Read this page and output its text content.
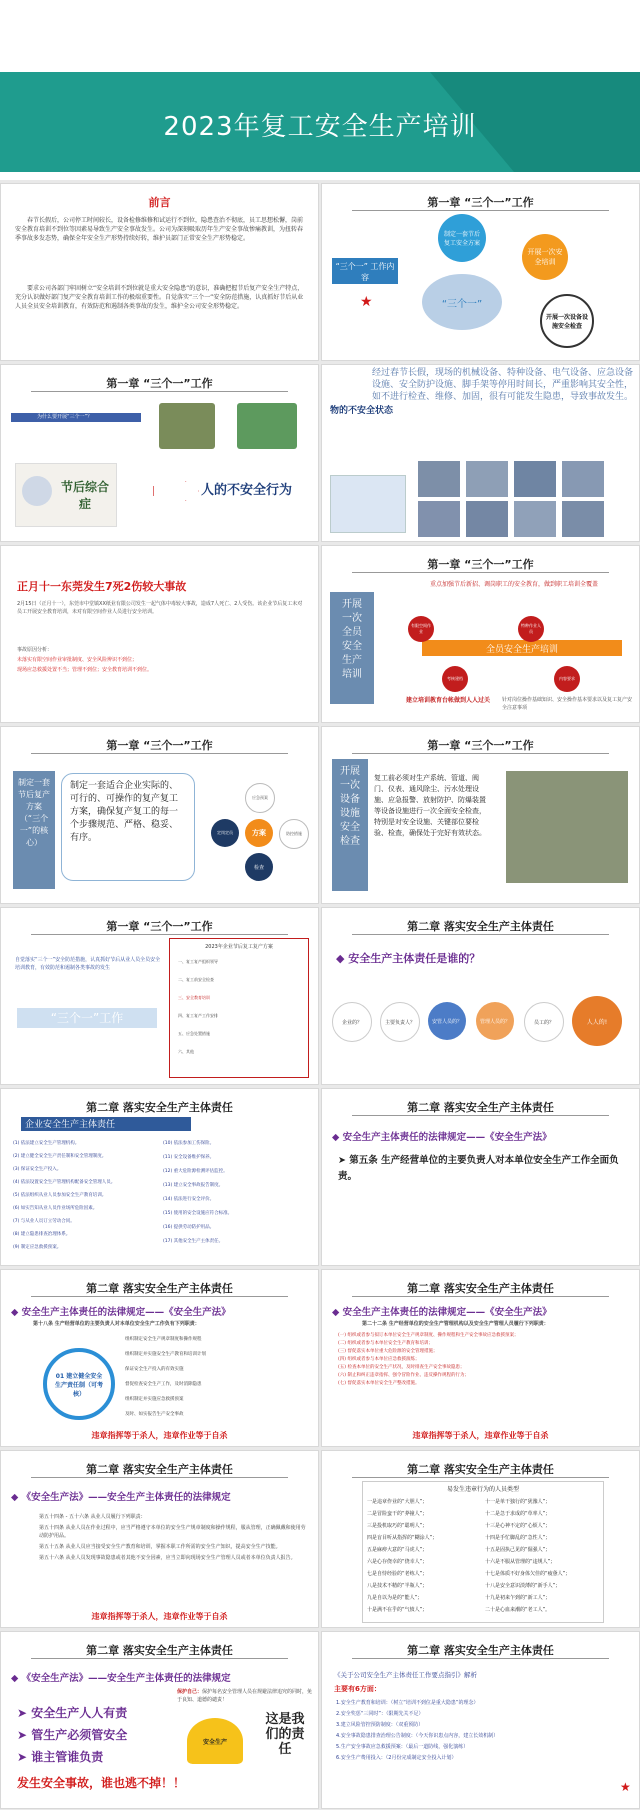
2023年复工安全生产培训
前言
春节长假后，公司停工时间较长，设备检修维修和试运行不到位，隐患查治不彻底，员工思想松懈，岗前安全教育培训不到位等因素易导致生产安全事故发生。公司为深刻吸取历年生产安全事故惨痛教训，为扭转春季事故多发态势，确保全年安全生产形势持续好转，维护员部门正常安全生产形势稳定。
要求公司各部门牢固树立“安全培训不到位就是重大安全隐患”的意识，准确把握节后复产安全生产特点，充分认识做好部门复产安全教育培训工作的极端重要性。自觉落实“三个一”安全防范措施，认真抓好节后从业人员全员安全培训教育，有效防范和遏制各类事故的发生，维护全公司安全形势稳定。
第一章 “三个一”工作
“三个一” 工作内容
★	“三个一”
制定一套节后复工安全方案
开展一次安全培训
开展一次设备设施安全检查
第一章 “三个一”工作
为什么要开展“三个一”？
节后综合症
人的不安全行为
经过春节长假，现场的机械设备、特种设备、电气设备、应急设备设施、安全防护设施、脚手架等停用时间长，严重影响其安全性，如不进行检查、维修、加固，很有可能发生隐患，导致事故发生。
物的不安全状态
正月十一东莞发生7死2伤较大事故
2月15日（正月十一），东莞市中堂镇XX纸业有限公司发生一起气体中毒较大事故，造成7人死亡、2人受伤。该企业节后复工未对员工开展安全教育培训，未对有限空间作业人员进行安全培训。
事故原因分析：
未落实有限空间作业审批制度、安全风险辨识不到位；
现场应急救援处置不当；管理不到位；安全教育培训不到位。
第一章 “三个一”工作
开展一次全员安全生产培训
重点加强节后新招、调岗职工的安全教育，做到职工培训全覆盖
全员安全生产培训
有限空间作业
特种作业人员
考核建档	内容要求
建立培训教育台帐做到人人过关	针对岗位操作基础知识、安全操作基本要求以及复工复产安全注意事项
第一章 “三个一”工作
制定一套节后复产方案（“三个一”的核心）
制定一套适合企业实际的、可行的、可操作的复产复工方案，确保复产复工的每一个步骤规范、严格、稳妥、有序。	方案
定岗定员
检查
防控措施
应急预案
第一章 “三个一”工作
开展一次设备设施安全检查
复工前必须对生产系统、管道、阀门、仪表、通风除尘、污水处理设施、应急报警、放射防护、防爆装置等设备设施进行一次全面安全检查，特别是对安全设施、关键部位要检验、检查，确保处于完好有效状态。
第一章 “三个一”工作
自觉落实“三个一”安全防范措施，认真抓好节后从业人员全员安全培训教育，有效防范和遏制各类事故的发生
“三个一”工作
2023年企业节后复工复产方案
一、复工复产组织领导
二、复工前安全检查
三、安全教育培训
四、复工复产工作安排
五、应急处置措施
六、其他
第二章 落实安全生产主体责任
◆ 安全生产主体责任是谁的？
企业的？	主要负责人？	安管人员的？	管理人员的？	员工的？	人人的!
第二章 落实安全生产主体责任
企业安全生产主体责任
(1) 依法建立安全生产管理机构。
(2) 建立健全安全生产责任制和安全管理制度。
(3) 保证安全生产投入。
(4) 依法设置安全生产管理机构配备安全管理人员。
(5) 依法组织从业人员参加安全生产教育培训。
(6) 如实告知从业人员作业场所危险因素。
(7) 与从业人员订立劳动合同。
(8) 建立隐患排查治理体系。
(9) 制定应急救援预案。
(10) 依法参加工伤保险。
(11) 安全设备维护保养。
(12) 重大危险源检测评估监控。
(13) 建立安全事故报告制度。
(14) 依法进行安全评价。
(15) 使用的安全设施应符合标准。
(16) 提供劳动防护用品。
(17) 其他安全生产主体责任。
第二章 落实安全生产主体责任
◆ 安全生产主体责任的法律规定——《安全生产法》
➤ 第五条 生产经营单位的主要负责人对本单位安全生产工作全面负责。
第二章 落实安全生产主体责任
◆ 安全生产主体责任的法律规定——《安全生产法》
第十八条 生产经营单位的主要负责人对本单位安全生产工作负有下列职责：
01 建立健全安全生产责任制（可考核）
组织制定安全生产规章制度和操作规程
组织制定并实施安全生产教育和培训计划
保证安全生产投入的有效实施
督促检查安全生产工作，及时消除隐患
组织制定并实施应急救援预案
及时、如实报告生产安全事故
违章指挥等于杀人，违章作业等于自杀
第二章 落实安全生产主体责任
◆ 安全生产主体责任的法律规定——《安全生产法》
第二十二条 生产经营单位的安全生产管理机构以及安全生产管理人员履行下列职责：
(一) 组织或者参与拟订本单位安全生产规章制度、操作规程和生产安全事故应急救援预案；
(二) 组织或者参与本单位安全生产教育和培训；
(三) 督促落实本单位重大危险源的安全管理措施；
(四) 组织或者参与本单位应急救援演练；
(五) 检查本单位的安全生产状况，及时排查生产安全事故隐患；
(六) 制止和纠正违章指挥、强令冒险作业、违反操作规程的行为；
(七) 督促落实本单位安全生产整改措施。
违章指挥等于杀人，违章作业等于自杀
第二章 落实安全生产主体责任
◆ 《安全生产法》——安全生产主体责任的法律规定
第五十四条 - 五十六条 从业人员履行下列职责：
第五十四条 从业人员在作业过程中，应当严格遵守本单位的安全生产规章制度和操作规程，服从管理，正确佩戴和使用劳动防护用品。
第五十五条 从业人员应当接受安全生产教育和培训，掌握本职工作所需的安全生产知识，提高安全生产技能。
第五十六条 从业人员发现事故隐患或者其他不安全因素，应当立即向现场安全生产管理人员或者本单位负责人报告。
违章指挥等于杀人，违章作业等于自杀
第二章 落实安全生产主体责任
易发生违章行为的人员类型
一是违章作业的“大胆人”；
二是冒险蛮干的“莽撞人”；
三是投机取巧的“聪明人”；
四是盲目听从指挥的“糊涂人”；
五是麻痹大意的“马虎人”；
六是心存侥幸的“侥幸人”；
七是自恃经验的“老练人”；
八是技术不精的“半瓶人”；
九是自以为是的“能人”；
十是满不在乎的“气愤人”；
十一是单干独行的“犹豫人”；
十二是急于求成的“草率人”；
十三是心神不定的“心烦人”；
十四是手忙脚乱的“急性人”；
十五是固执己见的“倔强人”；
十六是不服从管理的“违规人”；
十七是体质不好身体欠佳的“疲惫人”；
十八是安全意识淡薄的“新手人”；
十九是初来乍到的“新工人”；
二十是心血来潮的“老工人”。
第二章 落实安全生产主体责任
◆ 《安全生产法》——安全生产主体责任的法律规定
➤ 安全生产人人有责
➤ 管生产必须管安全
➤ 谁主管谁负责
发生安全事故，谁也逃不掉！！
保护自己：保护每名安全管理人员在规避法律追究的同时，免于良知、道德的谴责！
安全生产
这是我们的责任
第二章 落实安全生产主体责任
《关于公司安全生产主体责任工作要点指引》解析
主要有6方面：
1.安全生产教育和培训：（树立“培训不到位是重大隐患”的理念）
2.安全奖惩“三同时”：（限期先关不足）
3.建立风险管控预防制度：（双重预防）
4.安全事故隐患排查治理公告制度：（今天你识患点内容，建立长效机制）
5.生产安全事故应急救援预案：（最后一道防线，强化演练）
6.安全生产费用投入：（2月份完成制定安全投入计划）
★
